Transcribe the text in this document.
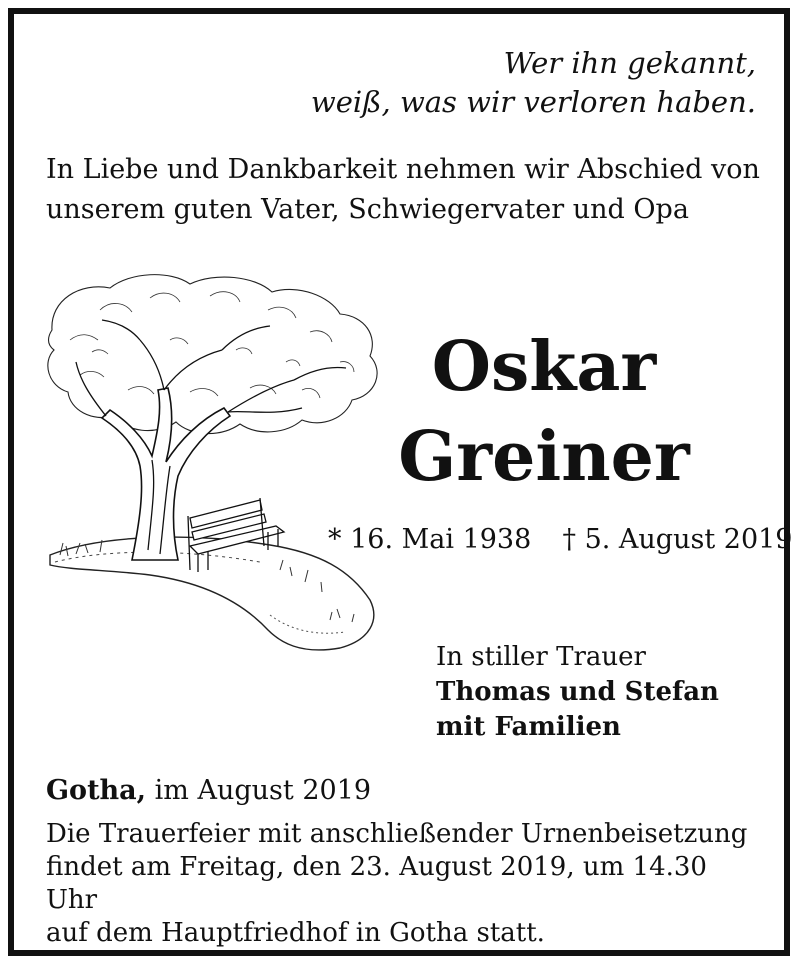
Wer ihn gekannt,
weiß, was wir verloren haben.
In Liebe und Dankbarkeit nehmen wir Abschied von
unserem guten Vater, Schwiegervater und Opa
Oskar
Greiner
* 16. Mai 1938 † 5. August 2019
In stiller Trauer
Thomas und Stefan
mit Familien
Gotha, im August 2019
Die Trauerfeier mit anschließender Urnenbeisetzung
findet am Freitag, den 23. August 2019, um 14.30 Uhr
auf dem Hauptfriedhof in Gotha statt.
